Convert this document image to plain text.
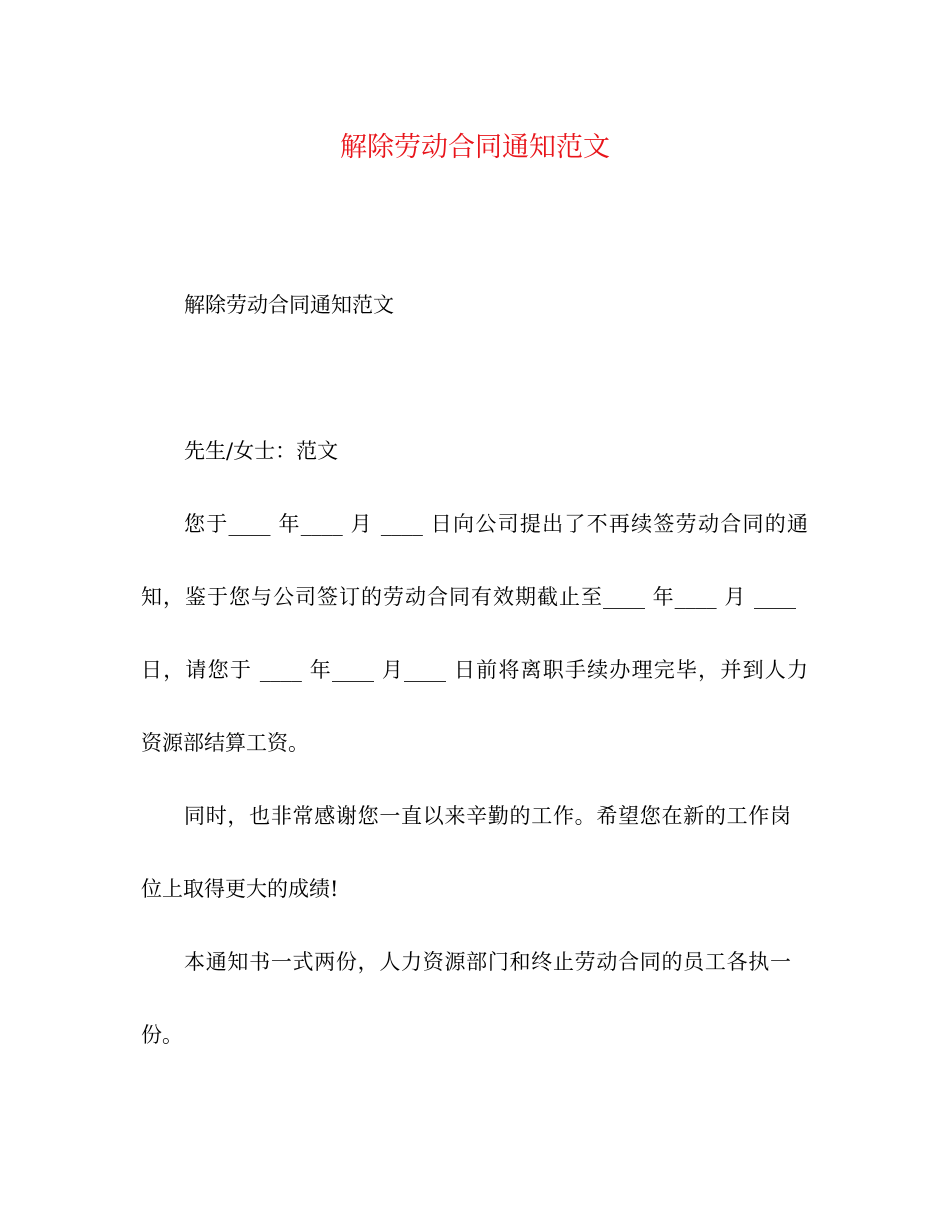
解除劳动合同通知范文

解除劳动合同通知范文

先生/女士：范文

您于____ 年____ 月 ____ 日向公司提出了不再续签劳动合同的通

知，鉴于您与公司签订的劳动合同有效期截止至____ 年____ 月 ____

日，请您于 ____ 年____ 月____ 日前将离职手续办理完毕，并到人力

资源部结算工资。

同时，也非常感谢您一直以来辛勤的工作。希望您在新的工作岗

位上取得更大的成绩!

本通知书一式两份，人力资源部门和终止劳动合同的员工各执一

份。
